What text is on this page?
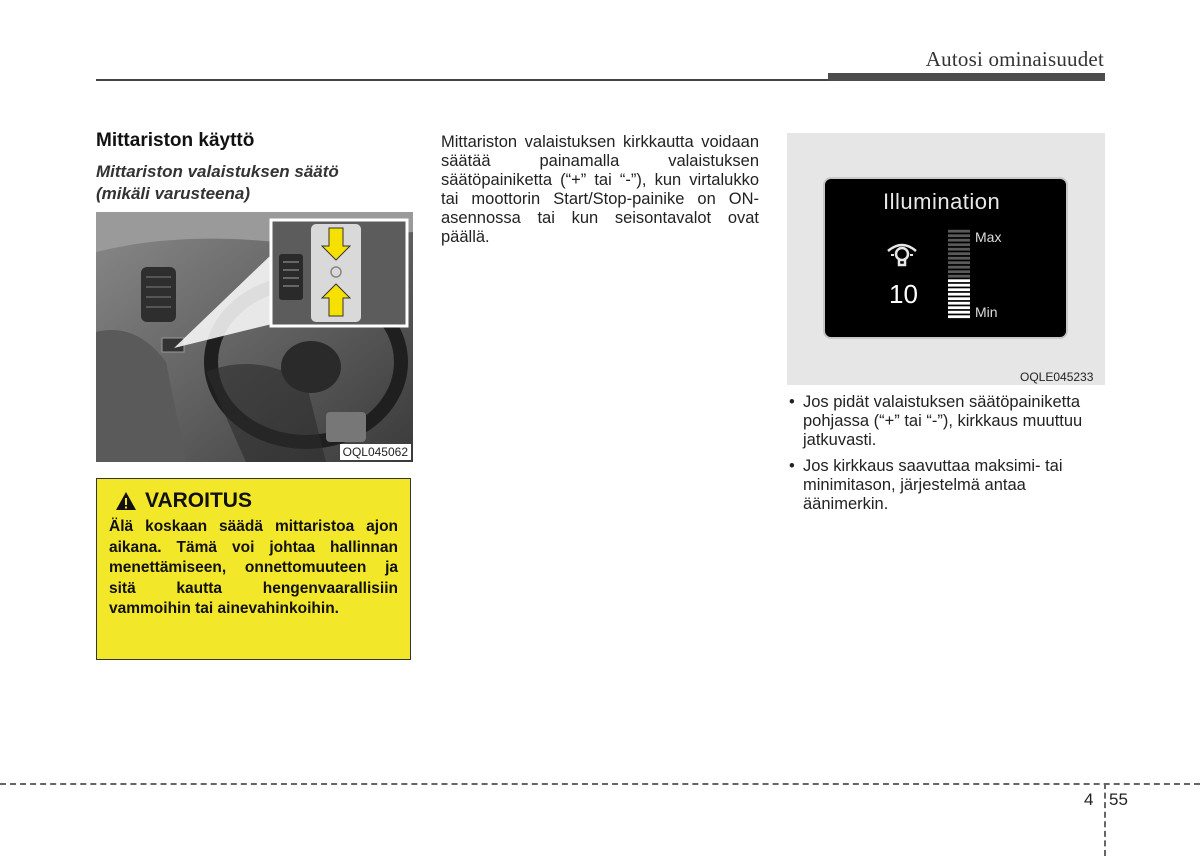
Autosi ominaisuudet
Mittariston käyttö
Mittariston valaistuksen säätö (mikäli varusteena)
OQL045062
VAROITUS
Älä koskaan säädä mittaristoa ajon aikana. Tämä voi johtaa hallinnan menettämiseen, onnettomuuteen ja sitä kautta hengenvaarallisiin vammoihin tai ainevahinkoihin.
Mittariston valaistuksen kirkkautta voidaan säätää painamalla valaistuksen säätöpainiketta (“+” tai “-”), kun virtalukko tai moottorin Start/Stop-painike on ON-asennossa tai kun seisontavalot ovat päällä.
Illumination
10
Max
Min
OQLE045233
• Jos pidät valaistuksen säätöpainiketta pohjassa (“+” tai “-”), kirkkaus muuttuu jatkuvasti.
• Jos kirkkaus saavuttaa maksimi- tai minimitason, järjestelmä antaa äänimerkin.
4 55
